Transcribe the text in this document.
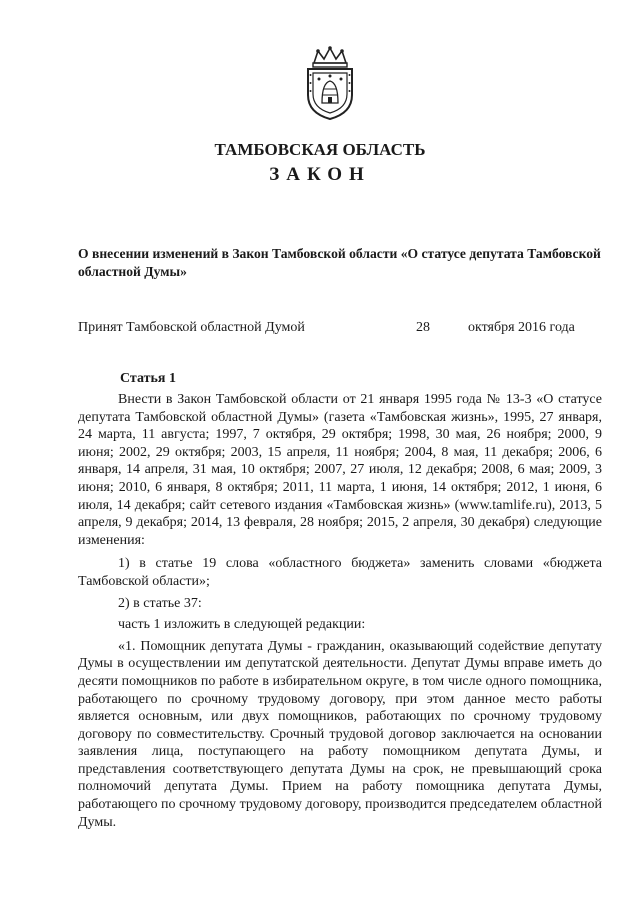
ТАМБОВСКАЯ ОБЛАСТЬ
ЗАКОН
О внесении изменений в Закон Тамбовской области «О статусе депутата Тамбовской областной Думы»
Принят Тамбовской областной Думой	28	октября 2016 года
Статья 1

Внести в Закон Тамбовской области от 21 января 1995 года № 13-3 «О статусе депутата Тамбовской областной Думы» (газета «Тамбовская жизнь», 1995, 27 января, 24 марта, 11 августа; 1997, 7 октября, 29 октября; 1998, 30 мая, 26 ноября; 2000, 9 июня; 2002, 29 октября; 2003, 15 апреля, 11 ноября; 2004, 8 мая, 11 декабря; 2006, 6 января, 14 апреля, 31 мая, 10 октября; 2007, 27 июля, 12 декабря; 2008, 6 мая; 2009, 3 июня; 2010, 6 января, 8 октября; 2011, 11 марта, 1 июня, 14 октября; 2012, 1 июня, 6 июля, 14 декабря; сайт сетевого издания «Тамбовская жизнь» (www.tamlife.ru), 2013, 5 апреля, 9 декабря; 2014, 13 февраля, 28 ноября; 2015, 2 апреля, 30 декабря) следующие изменения:

1) в статье 19 слова «областного бюджета» заменить словами «бюджета Тамбовской области»;

2) в статье 37:

часть 1 изложить в следующей редакции:

«1. Помощник депутата Думы - гражданин, оказывающий содействие депутату Думы в осуществлении им депутатской деятельности. Депутат Думы вправе иметь до десяти помощников по работе в избирательном округе, в том числе одного помощника, работающего по срочному трудовому договору, при этом данное место работы является основным, или двух помощников, работающих по срочному трудовому договору по совместительству. Срочный трудовой договор заключается на основании заявления лица, поступающего на работу помощником депутата Думы, и представления соответствующего депутата Думы на срок, не превышающий срока полномочий депутата Думы. Прием на работу помощника депутата Думы, работающего по срочному трудовому договору, производится председателем областной Думы.
